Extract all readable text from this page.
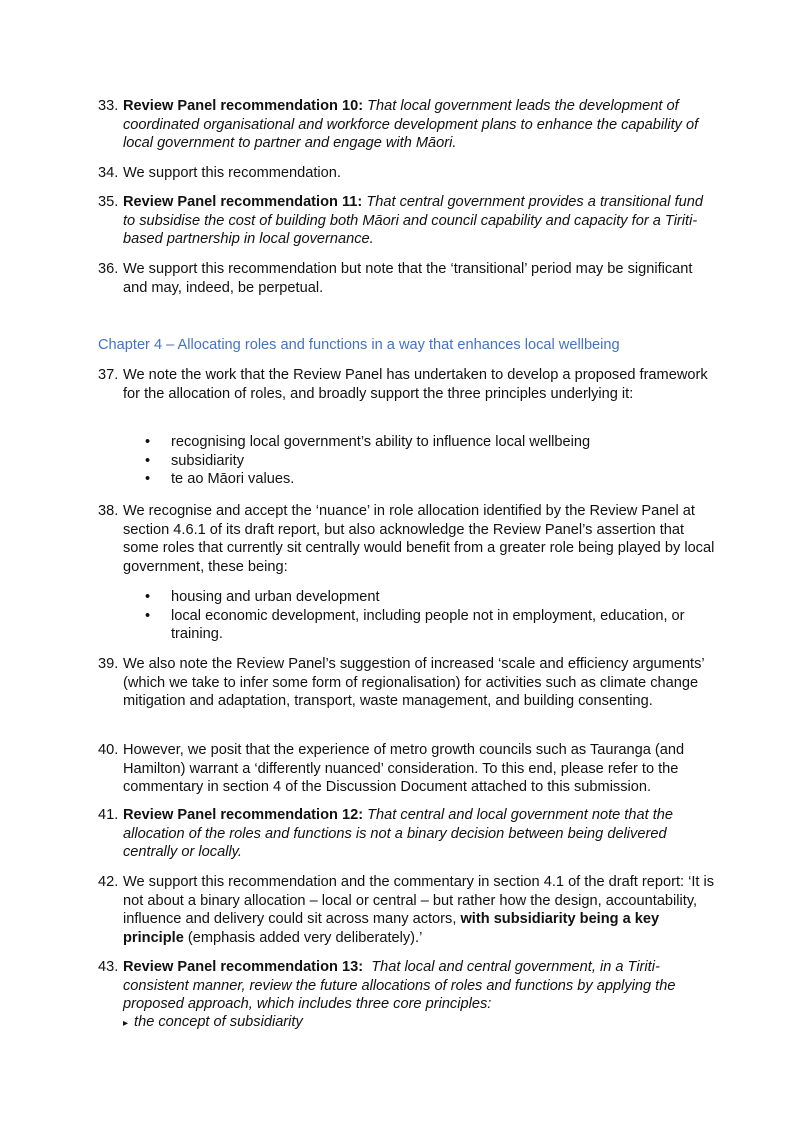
33. Review Panel recommendation 10: That local government leads the development of coordinated organisational and workforce development plans to enhance the capability of local government to partner and engage with Māori.
34. We support this recommendation.
35. Review Panel recommendation 11: That central government provides a transitional fund to subsidise the cost of building both Māori and council capability and capacity for a Tiriti-based partnership in local governance.
36. We support this recommendation but note that the ‘transitional’ period may be significant and may, indeed, be perpetual.
Chapter 4 – Allocating roles and functions in a way that enhances local wellbeing
37. We note the work that the Review Panel has undertaken to develop a proposed framework for the allocation of roles, and broadly support the three principles underlying it:
• recognising local government’s ability to influence local wellbeing
• subsidiarity
• te ao Māori values.
38. We recognise and accept the ‘nuance’ in role allocation identified by the Review Panel at section 4.6.1 of its draft report, but also acknowledge the Review Panel’s assertion that some roles that currently sit centrally would benefit from a greater role being played by local government, these being:
• housing and urban development
• local economic development, including people not in employment, education, or training.
39. We also note the Review Panel’s suggestion of increased ‘scale and efficiency arguments’ (which we take to infer some form of regionalisation) for activities such as climate change mitigation and adaptation, transport, waste management, and building consenting.
40. However, we posit that the experience of metro growth councils such as Tauranga (and Hamilton) warrant a ‘differently nuanced’ consideration. To this end, please refer to the commentary in section 4 of the Discussion Document attached to this submission.
41. Review Panel recommendation 12: That central and local government note that the allocation of the roles and functions is not a binary decision between being delivered centrally or locally.
42. We support this recommendation and the commentary in section 4.1 of the draft report: ‘It is not about a binary allocation – local or central – but rather how the design, accountability, influence and delivery could sit across many actors, with subsidiarity being a key principle (emphasis added very deliberately).’
43. Review Panel recommendation 13: That local and central government, in a Tiriti-consistent manner, review the future allocations of roles and functions by applying the proposed approach, which includes three core principles:
▸ the concept of subsidiarity
